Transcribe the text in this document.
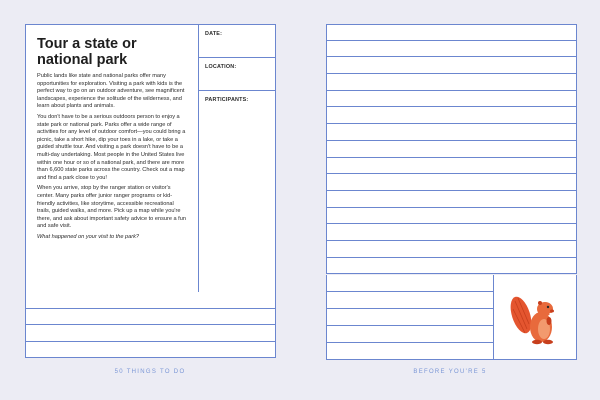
Tour a state or
national park

Public lands like state and national parks offer many opportunities for exploration. Visiting a park with kids is the perfect way to go on an outdoor adventure, see magnificent landscapes, experience the solitude of the wilderness, and learn about plants and animals.

You don't have to be a serious outdoors person to enjoy a state park or national park. Parks offer a wide range of activities for any level of outdoor comfort—you could bring a picnic, take a short hike, dip your toes in a lake, or take a guided shuttle tour. And visiting a park doesn't have to be a multi-day undertaking. Most people in the United States live within one hour or so of a national park, and there are more than 6,600 state parks across the country. Check out a map and find a park close to you!

When you arrive, stop by the ranger station or visitor's center. Many parks offer junior ranger programs or kid-friendly activities, like storytime, accessible recreational trails, guided walks, and more. Pick up a map while you're there, and ask about important safety advice to ensure a fun and safe visit.

What happened on your visit to the park?

DATE:
LOCATION:
PARTICIPANTS:
50 THINGS TO DO	BEFORE YOU'RE 5
